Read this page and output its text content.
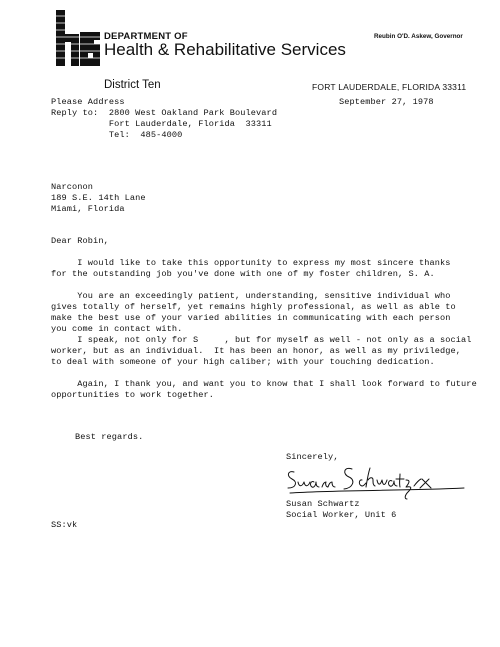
DEPARTMENT OF
Health & Rehabilitative Services
Reubin O'D. Askew, Governor
District Ten	FORT LAUDERDALE, FLORIDA 33311
September 27, 1978
Please Address
Reply to: 2800 West Oakland Park Boulevard
Fort Lauderdale, Florida  33311
Tel:  485-4000
Narconon
189 S.E. 14th Lane
Miami, Florida
Dear Robin,
I would like to take this opportunity to express my most sincere thanks
for the outstanding job you've done with one of my foster children, S. A.
You are an exceedingly patient, understanding, sensitive individual who
gives totally of herself, yet remains highly professional, as well as able to
make the best use of your varied abilities in communicating with each person
you come in contact with.
I speak, not only for S     , but for myself as well - not only as a social
worker, but as an individual.  It has been an honor, as well as my priviledge,
to deal with someone of your high caliber; with your touching dedication.
Again, I thank you, and want you to know that I shall look forward to future
opportunities to work together.
Best regards.
Sincerely,
Susan Schwartz
Social Worker, Unit 6
SS:vk
